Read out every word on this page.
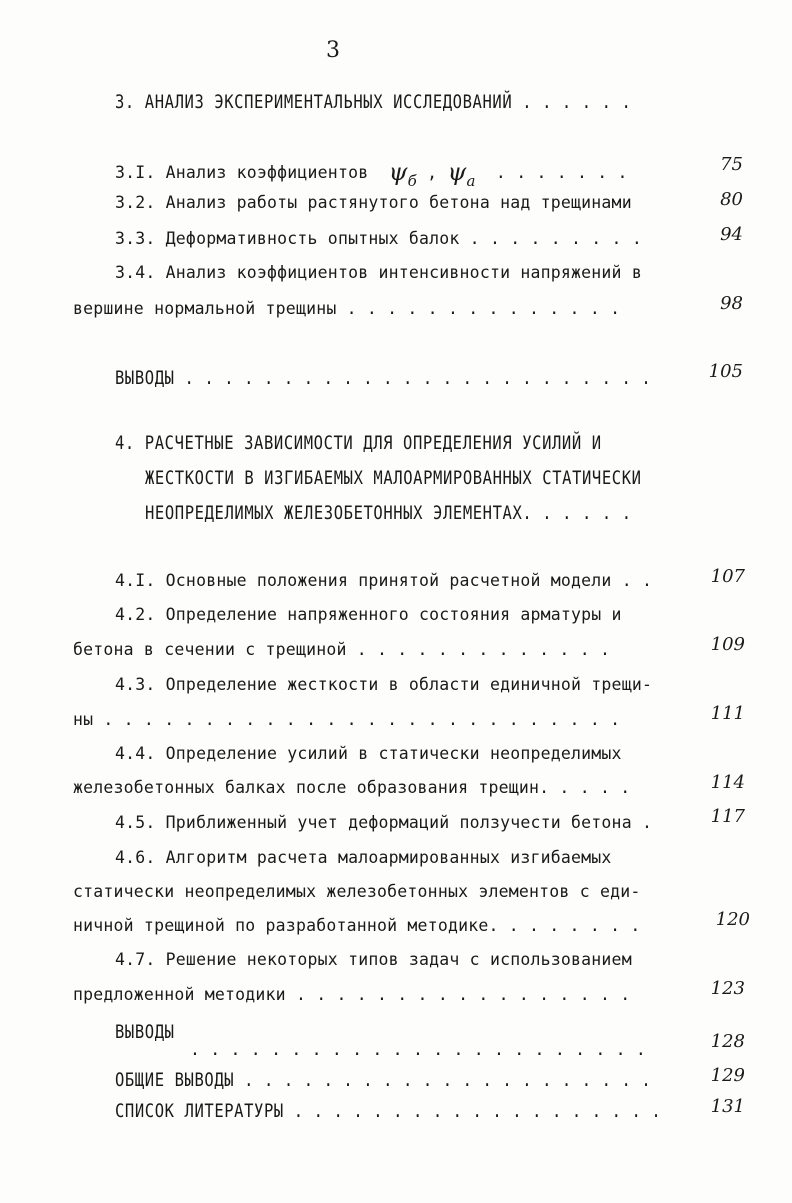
3
3. АНАЛИЗ ЭКСПЕРИМЕНТАЛЬНЫХ ИССЛЕДОВАНИЙ . . . . . .
3.I. Анализ коэффициентов $\psi_б$ , $\psi_a$ . . . . . . .	75
3.2. Анализ работы растянутого бетона над трещинами	80
3.3. Деформативность опытных балок . . . . . . . . .	94
3.4. Анализ коэффициентов интенсивности напряжений в
вершине нормальной трещины . . . . . . . . . . . . . .	98
ВЫВОДЫ . . . . . . . . . . . . . . . . . . . . . . . .	105
4. РАСЧЕТНЫЕ ЗАВИСИМОСТИ ДЛЯ ОПРЕДЕЛЕНИЯ УСИЛИЙ И
ЖЕСТКОСТИ В ИЗГИБАЕМЫХ МАЛОАРМИРОВАННЫХ СТАТИЧЕСКИ
НЕОПРЕДЕЛИМЫХ ЖЕЛЕЗОБЕТОННЫХ ЭЛЕМЕНТАХ. . . . . .
4.I. Основные положения принятой расчетной модели . .	107
4.2. Определение напряженного состояния арматуры и
бетона в сечении с трещиной . . . . . . . . . . . . .	109
4.3. Определение жесткости в области единичной трещи-
ны . . . . . . . . . . . . . . . . . . . . . . . . . .	111
4.4. Определение усилий в статически неопределимых
железобетонных балках после образования трещин. . . . .	114
4.5. Приближенный учет деформаций ползучести бетона .	117
4.6. Алгоритм расчета малоармированных изгибаемых
статически неопределимых железобетонных элементов с еди-
ничной трещиной по разработанной методике. . . . . . . .	120
4.7. Решение некоторых типов задач с использованием
предложенной методики . . . . . . . . . . . . . . . . .	123
ВЫВОДЫ
. . . . . . . . . . . . . . . . . . . . . . .	128
ОБЩИЕ ВЫВОДЫ . . . . . . . . . . . . . . . . . . . . .	129
СПИСОК ЛИТЕРАТУРЫ . . . . . . . . . . . . . . . . . . .	131
